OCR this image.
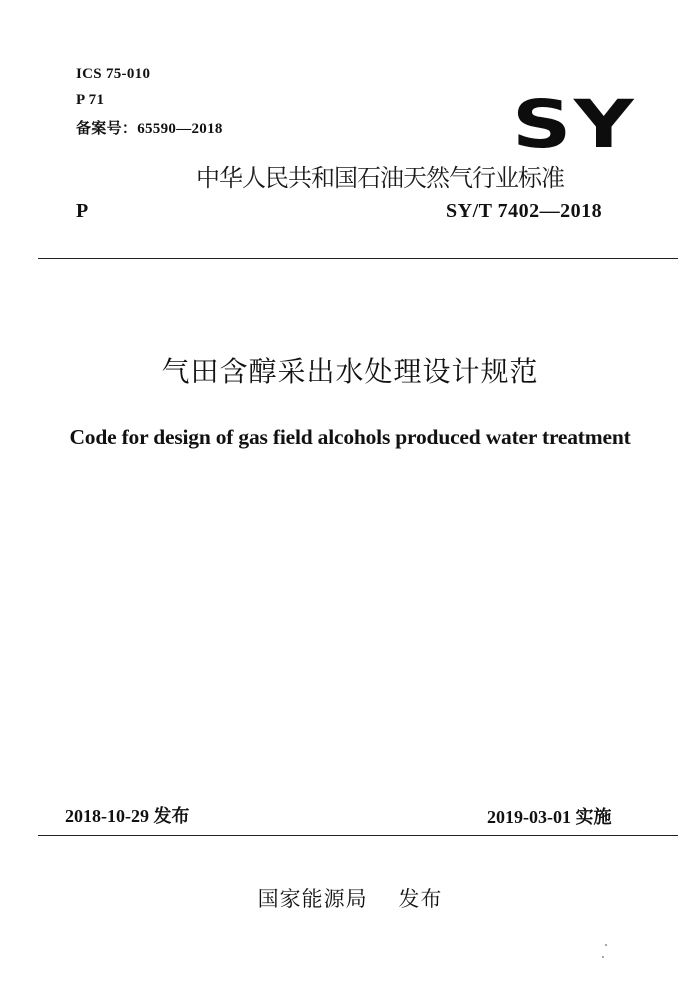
ICS 75-010
P 71
备案号：65590—2018	SY
中华人民共和国石油天然气行业标准
P	SY/T 7402—2018
气田含醇采出水处理设计规范
Code for design of gas field alcohols produced water treatment
2018-10-29 发布	2019-03-01 实施
国家能源局    发布
